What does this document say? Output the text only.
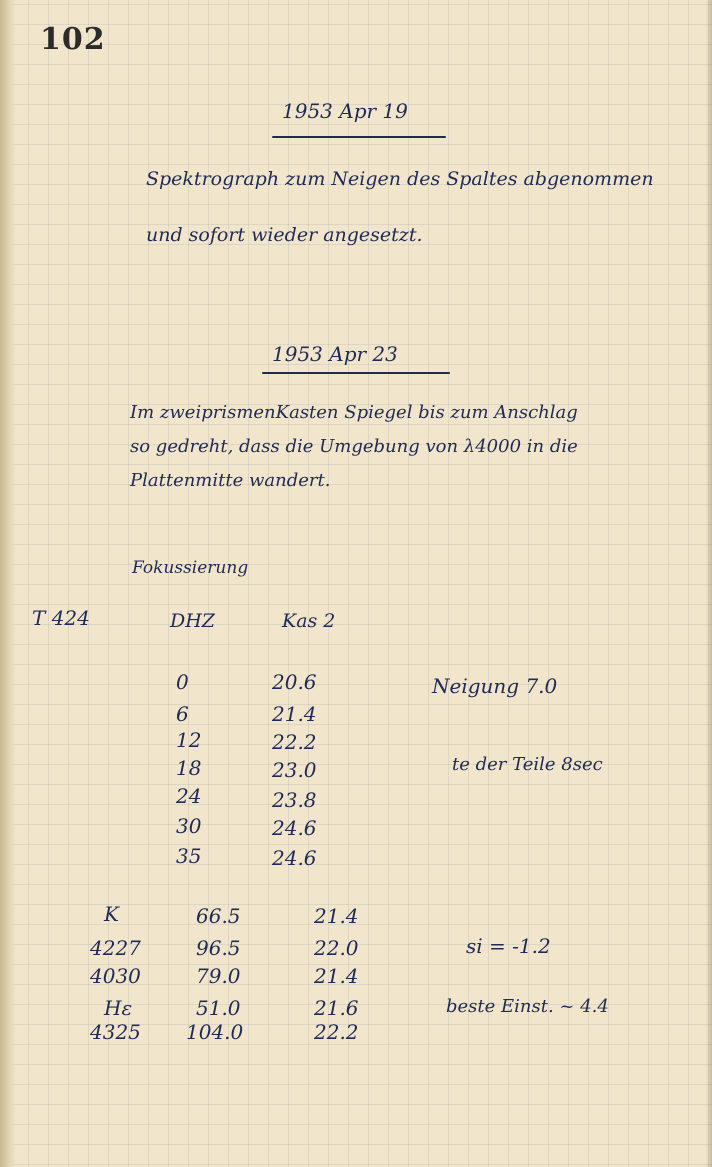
102
1953 Apr 19
Spektrograph zum Neigen des Spaltes abgenommen
und sofort wieder angesetzt.
1953 Apr 23
Im zweiprismenKasten Spiegel bis zum Anschlag
so gedreht, dass die Umgebung von λ4000 in die
Plattenmitte wandert.
Fokussierung
T 424	DHZ	Kas 2
0	20.6
6	21.4
12	22.2
18	23.0
24	23.8
30	24.6
35	24.6
Neigung 7.0
te der Teile 8sec
K	66.5	21.4
4227	96.5	22.0
4030	79.0	21.4
Hε	51.0	21.6
4325 104.0	22.2
si = -1.2
beste Einst. ~ 4.4
